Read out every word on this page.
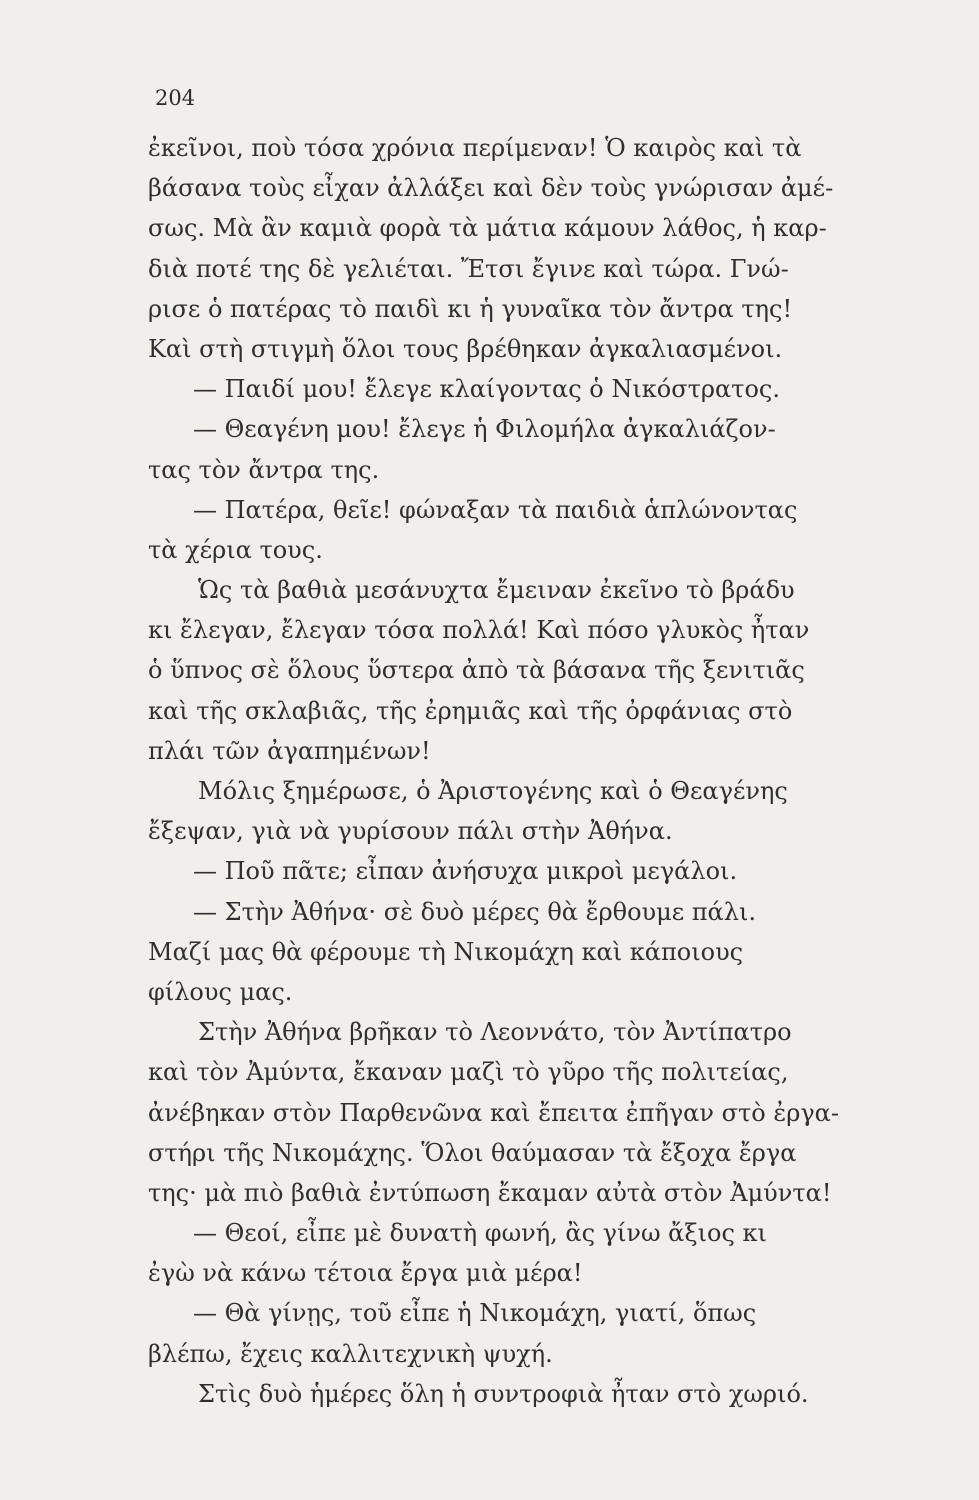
204
ἐκεῖνοι, ποὺ τόσα χρόνια περίμεναν! Ὁ καιρὸς καὶ τὰ
βάσανα τοὺς εἶχαν ἀλλάξει καὶ δὲν τοὺς γνώρισαν ἀμέ-
σως. Μὰ ἂν καμιὰ φορὰ τὰ μάτια κάμουν λάθος, ἡ καρ-
διὰ ποτέ της δὲ γελιέται. Ἔτσι ἔγινε καὶ τώρα. Γνώ-
ρισε ὁ πατέρας τὸ παιδὶ κι ἡ γυναῖκα τὸν ἄντρα της!
Καὶ στὴ στιγμὴ ὅλοι τους βρέθηκαν ἀγκαλιασμένοι.
— Παιδί μου! ἔλεγε κλαίγοντας ὁ Νικόστρατος.
— Θεαγένη μου! ἔλεγε ἡ Φιλομήλα ἀγκαλιάζον-
τας τὸν ἄντρα της.
— Πατέρα, θεῖε! φώναξαν τὰ παιδιὰ ἁπλώνοντας
τὰ χέρια τους.
Ὡς τὰ βαθιὰ μεσάνυχτα ἔμειναν ἐκεῖνο τὸ βράδυ
κι ἔλεγαν, ἔλεγαν τόσα πολλά! Καὶ πόσο γλυκὸς ἦταν
ὁ ὕπνος σὲ ὅλους ὕστερα ἀπὸ τὰ βάσανα τῆς ξενιτιᾶς
καὶ τῆς σκλαβιᾶς, τῆς ἐρημιᾶς καὶ τῆς ὀρφάνιας στὸ
πλάι τῶν ἀγαπημένων!
Μόλις ξημέρωσε, ὁ Ἀριστογένης καὶ ὁ Θεαγένης
ἔξεψαν, γιὰ νὰ γυρίσουν πάλι στὴν Ἀθήνα.
— Ποῦ πᾶτε; εἶπαν ἀνήσυχα μικροὶ μεγάλοι.
— Στὴν Ἀθήνα· σὲ δυὸ μέρες θὰ ἔρθουμε πάλι.
Μαζί μας θὰ φέρουμε τὴ Νικομάχη καὶ κάποιους
φίλους μας.
Στὴν Ἀθήνα βρῆκαν τὸ Λεοννάτο, τὸν Ἀντίπατρο
καὶ τὸν Ἀμύντα, ἔκαναν μαζὶ τὸ γῦρο τῆς πολιτείας,
ἀνέβηκαν στὸν Παρθενῶνα καὶ ἔπειτα ἐπῆγαν στὸ ἐργα-
στήρι τῆς Νικομάχης. Ὅλοι θαύμασαν τὰ ἔξοχα ἔργα
της· μὰ πιὸ βαθιὰ ἐντύπωση ἔκαμαν αὐτὰ στὸν Ἀμύντα!
— Θεοί, εἶπε μὲ δυνατὴ φωνή, ἂς γίνω ἄξιος κι
ἐγὼ νὰ κάνω τέτοια ἔργα μιὰ μέρα!
— Θὰ γίνῃς, τοῦ εἶπε ἡ Νικομάχη, γιατί, ὅπως
βλέπω, ἔχεις καλλιτεχνικὴ ψυχή.
Στὶς δυὸ ἡμέρες ὅλη ἡ συντροφιὰ ἦταν στὸ χωριό.
